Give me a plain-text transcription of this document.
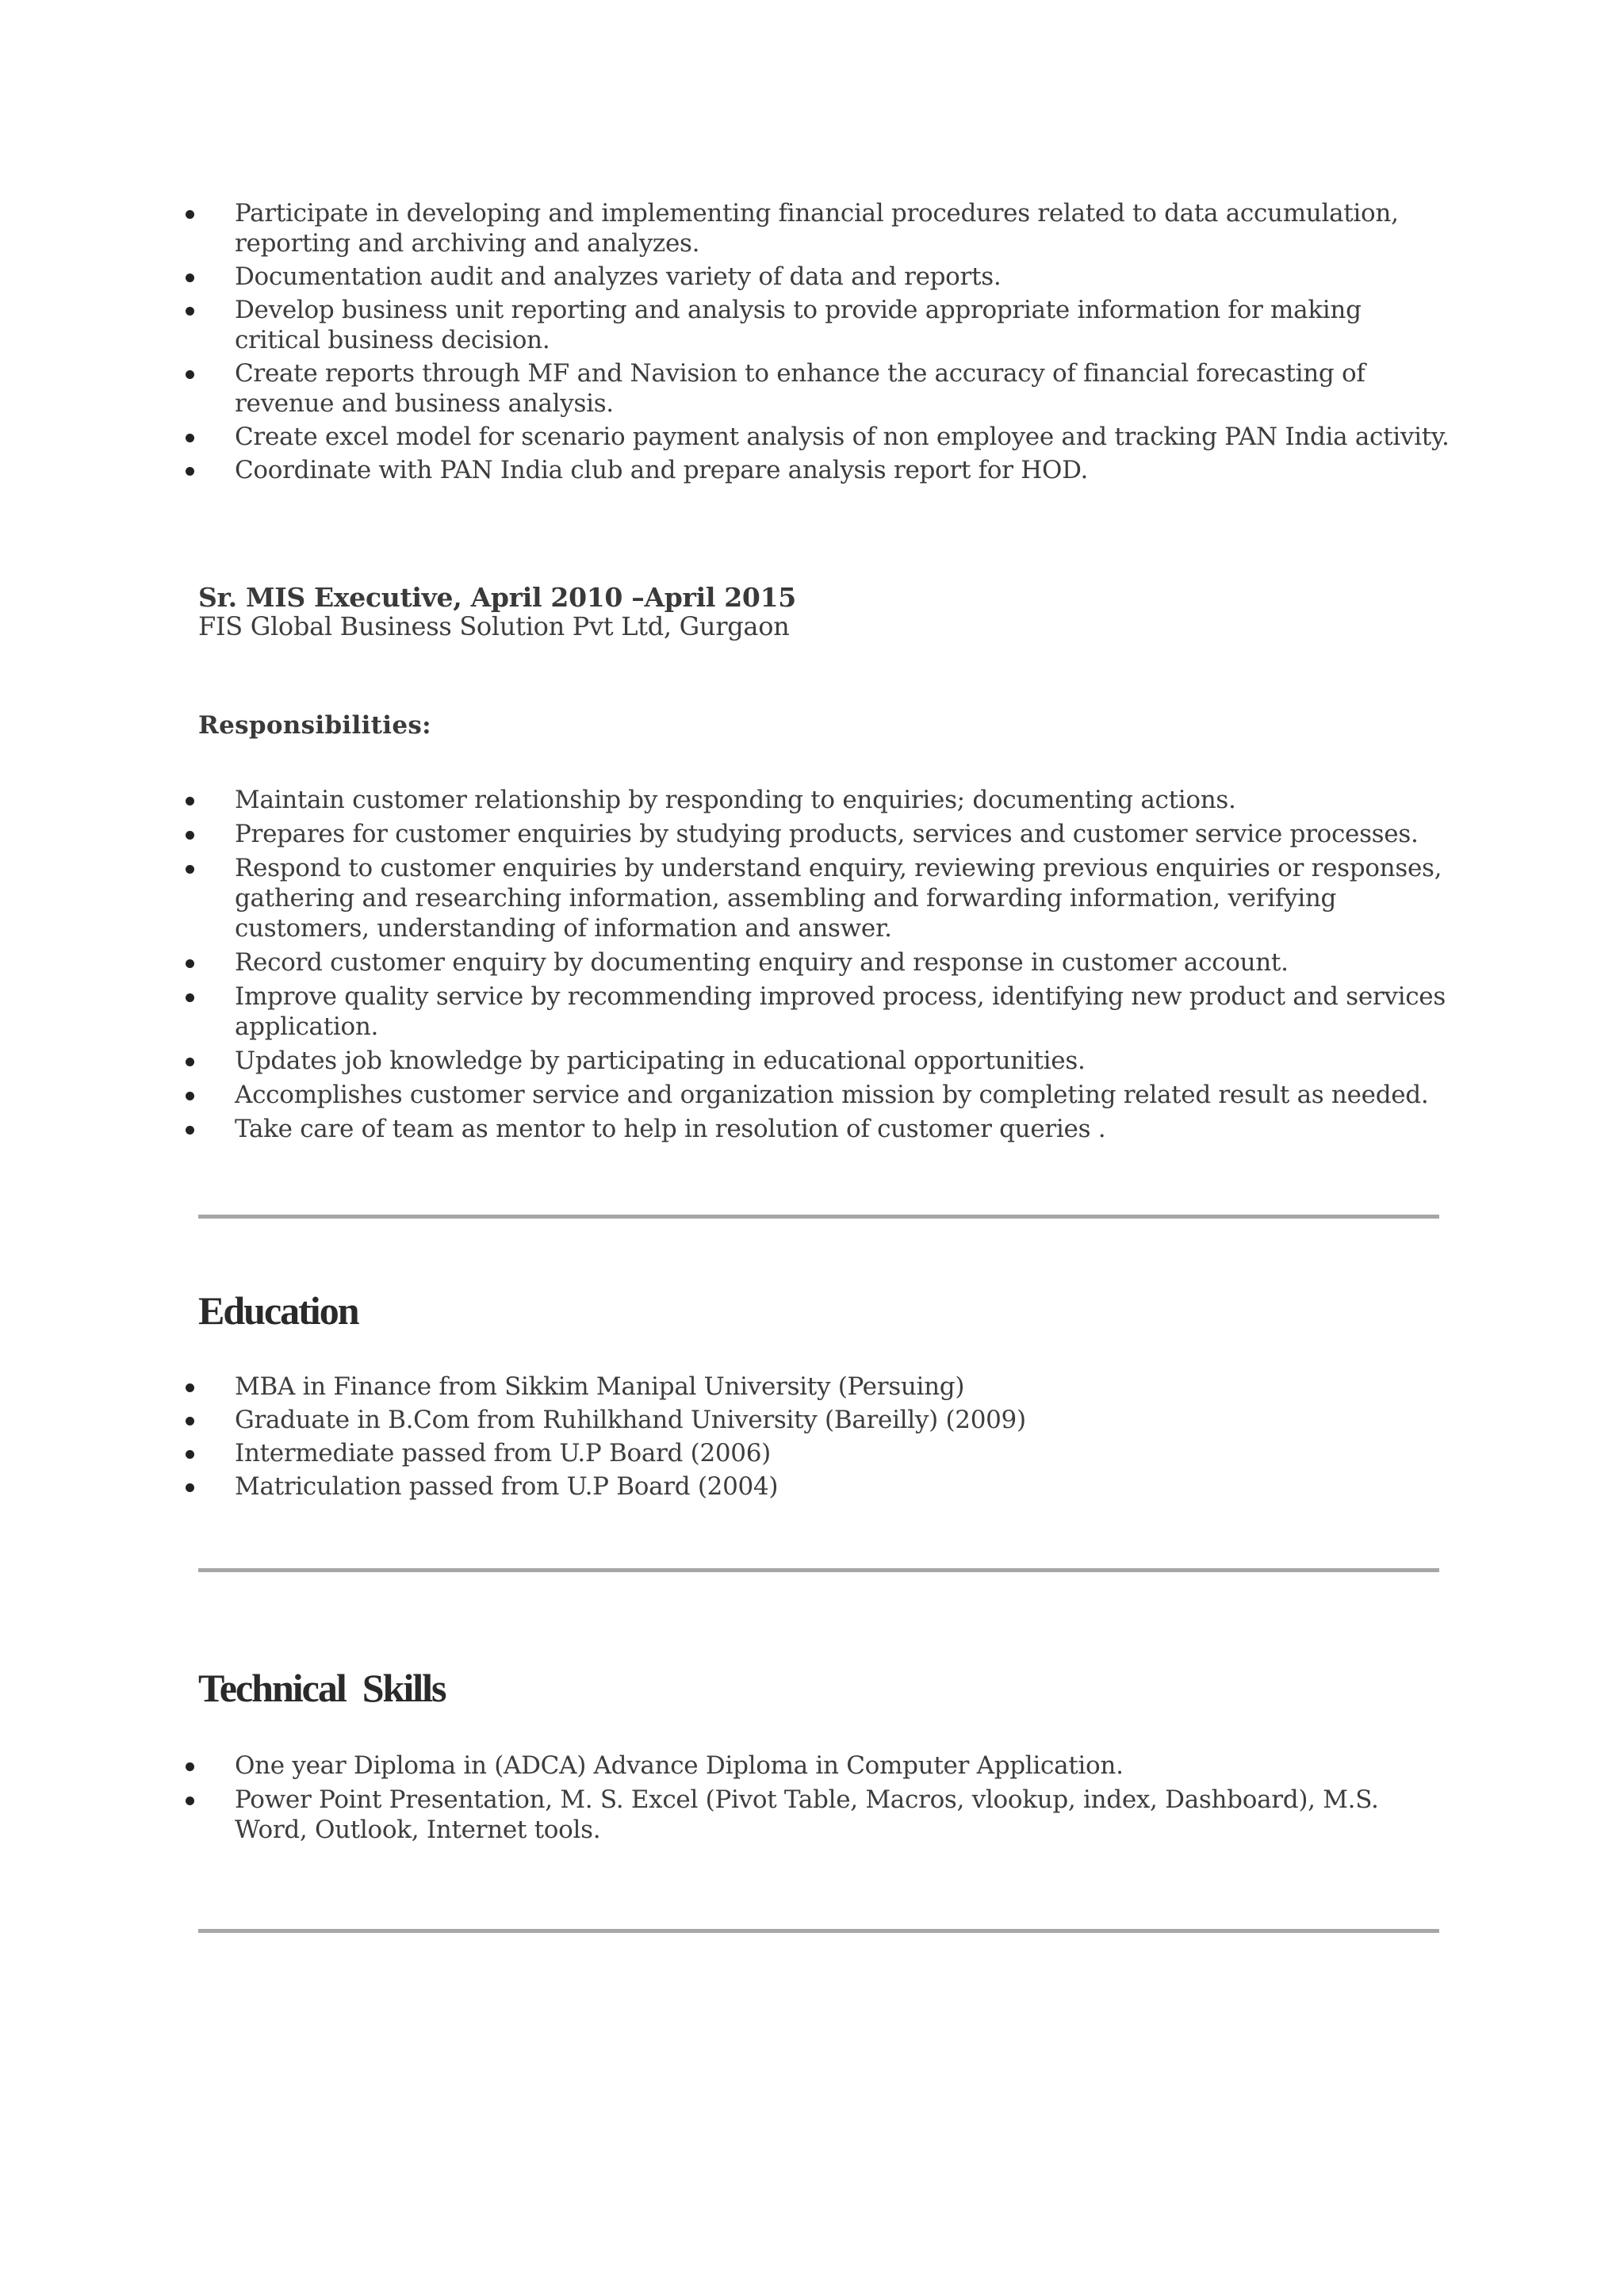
Participate in developing and implementing financial procedures related to data accumulation, reporting and archiving and analyzes.
Documentation audit and analyzes variety of data and reports.
Develop business unit reporting and analysis to provide appropriate information for making critical business decision.
Create reports through MF and Navision to enhance the accuracy of financial forecasting of revenue and business analysis.
Create excel model for scenario payment analysis of non employee and tracking PAN India activity.
Coordinate with PAN India club and prepare analysis report for HOD.
Sr. MIS Executive, April 2010 –April 2015
FIS Global Business Solution Pvt Ltd, Gurgaon
Responsibilities:
Maintain customer relationship by responding to enquiries; documenting actions.
Prepares for customer enquiries by studying products, services and customer service processes.
Respond to customer enquiries by understand enquiry, reviewing previous enquiries or responses, gathering and researching information, assembling and forwarding information, verifying customers, understanding of information and answer.
Record customer enquiry by documenting enquiry and response in customer account.
Improve quality service by recommending improved process, identifying new product and services application.
Updates job knowledge by participating in educational opportunities.
Accomplishes customer service and organization mission by completing related result as needed.
Take care of team as mentor to help in resolution of customer queries .
Education
MBA in Finance from Sikkim Manipal University (Persuing)
Graduate in B.Com from Ruhilkhand University (Bareilly) (2009)
Intermediate passed from U.P Board (2006)
Matriculation passed from U.P Board (2004)
Technical  Skills
One year Diploma in (ADCA) Advance Diploma in Computer Application.
Power Point Presentation, M. S. Excel (Pivot Table, Macros, vlookup, index, Dashboard), M.S. Word, Outlook, Internet tools.
